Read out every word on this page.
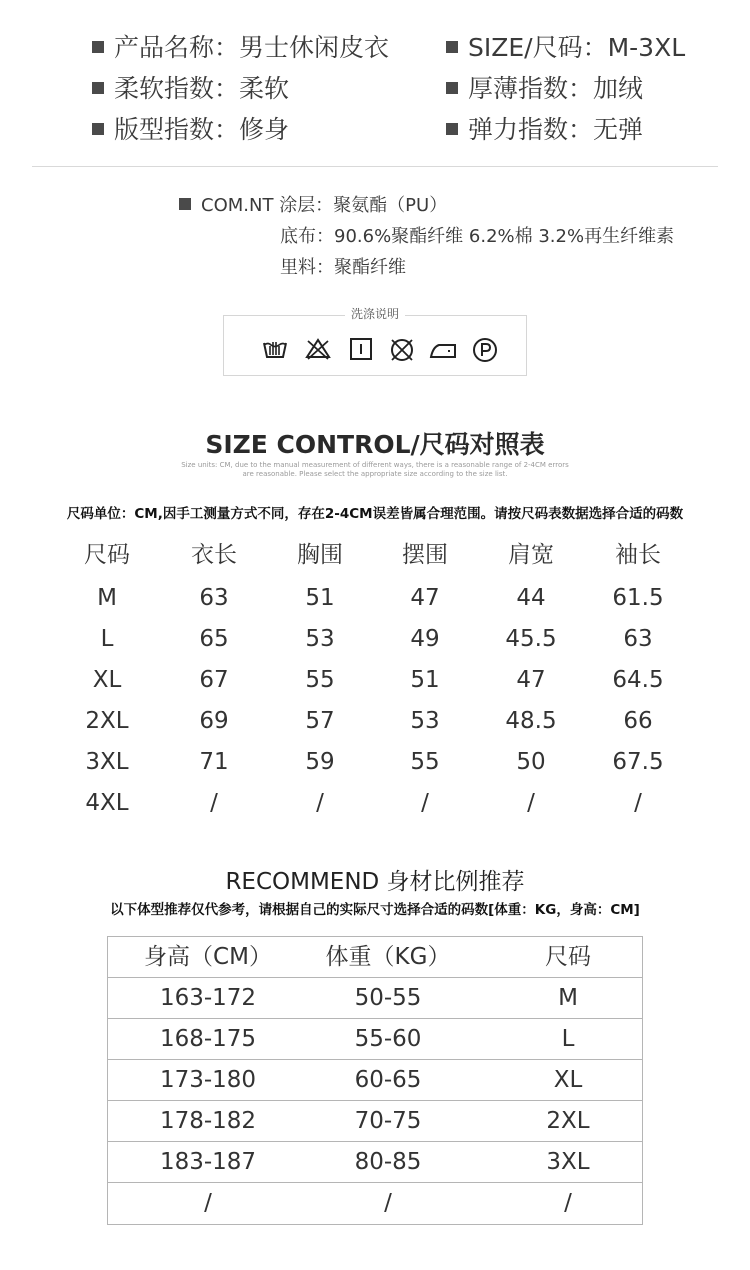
产品名称：男士休闲皮衣
柔软指数：柔软
版型指数：修身
SIZE/尺码：M-3XL
厚薄指数：加绒
弹力指数：无弹
COM.NT 涂层：聚氨酯（PU）
底布：90.6%聚酯纤维 6.2%棉 3.2%再生纤维素
里料：聚酯纤维
洗涤说明
SIZE CONTROL/尺码对照表
Size units: CM, due to the manual measurement of different ways, there is a reasonable range of 2-4CM errors
are reasonable. Please select the appropriate size according to the size list.
尺码单位：CM,因手工测量方式不同，存在2-4CM误差皆属合理范围。请按尺码表数据选择合适的码数
尺码	衣长	胸围	摆围	肩宽	袖长
M	63	51	47	44	61.5
L	65	53	49	45.5	63
XL	67	55	51	47	64.5
2XL	69	57	53	48.5	66
3XL	71	59	55	50	67.5
4XL	/	/	/	/	/
RECOMMEND 身材比例推荐
以下体型推荐仅代参考，请根据自己的实际尺寸选择合适的码数[体重：KG，身高：CM]
身高（CM）	体重（KG）	尺码
163-172	50-55	M
168-175	55-60	L
173-180	60-65	XL
178-182	70-75	2XL
183-187	80-85	3XL
/	/	/
